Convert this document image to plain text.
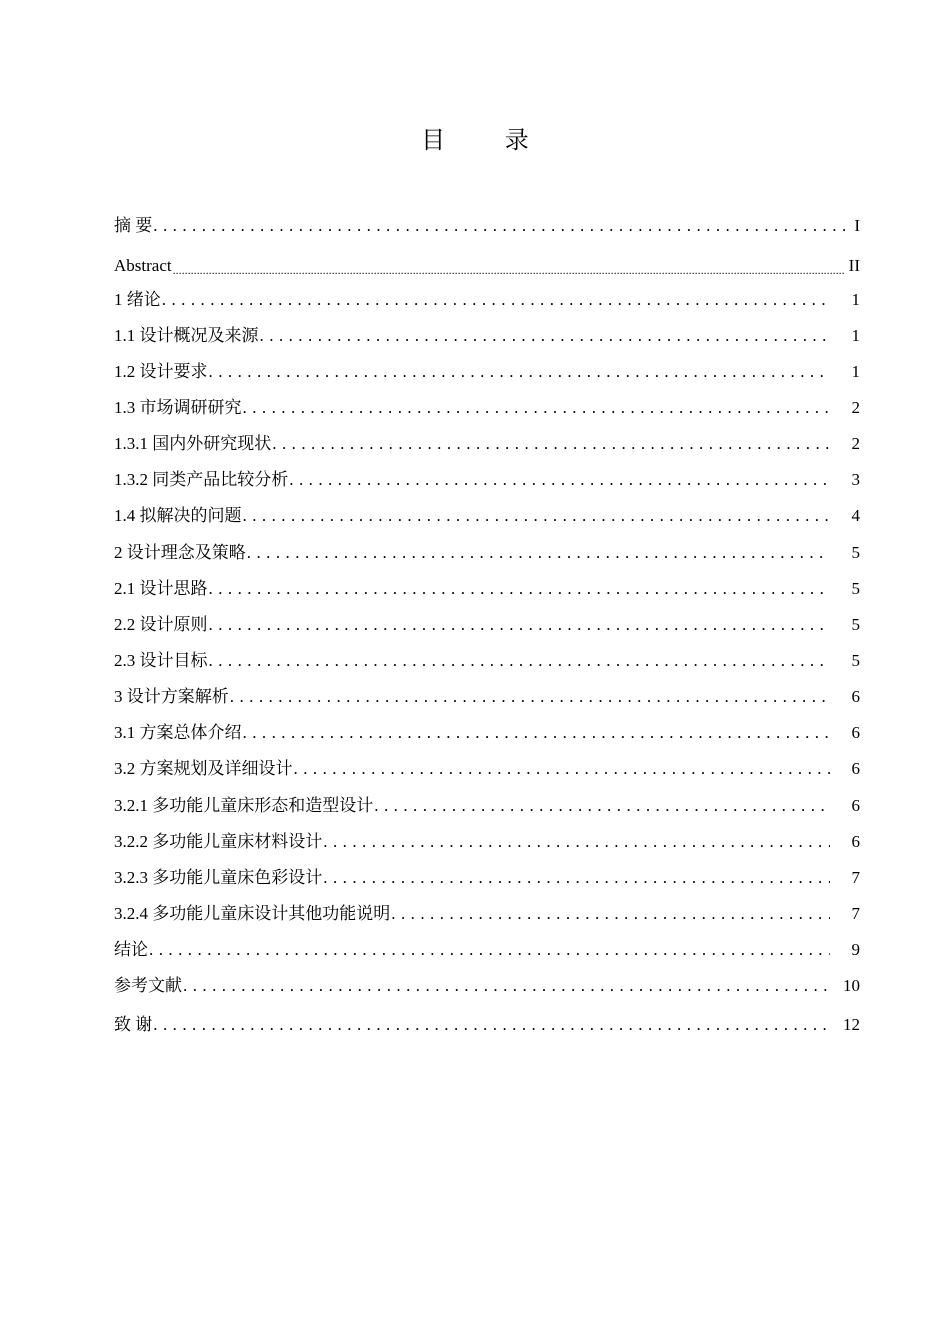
目 录
摘 要 . . .	I
Abstract .....	II
1 绪论 . . .	1
1.1 设计概况及来源 . . .	1
1.2 设计要求 . . .	1
1.3 市场调研研究 . . .	2
1.3.1 国内外研究现状 . . .	2
1.3.2 同类产品比较分析 . . .	3
1.4 拟解决的问题 . . .	4
2 设计理念及策略 . . .	5
2.1 设计思路 . . .	5
2.2 设计原则 . . .	5
2.3 设计目标 . . .	5
3 设计方案解析 . . .	6
3.1 方案总体介绍 . . .	6
3.2 方案规划及详细设计 . . .	6
3.2.1 多功能儿童床形态和造型设计 . . .	6
3.2.2 多功能儿童床材料设计 . . .	6
3.2.3 多功能儿童床色彩设计 . . .	7
3.2.4 多功能儿童床设计其他功能说明 . . .	7
结论 . . .	9
参考文献 . . .	10
致 谢 . . .	12
